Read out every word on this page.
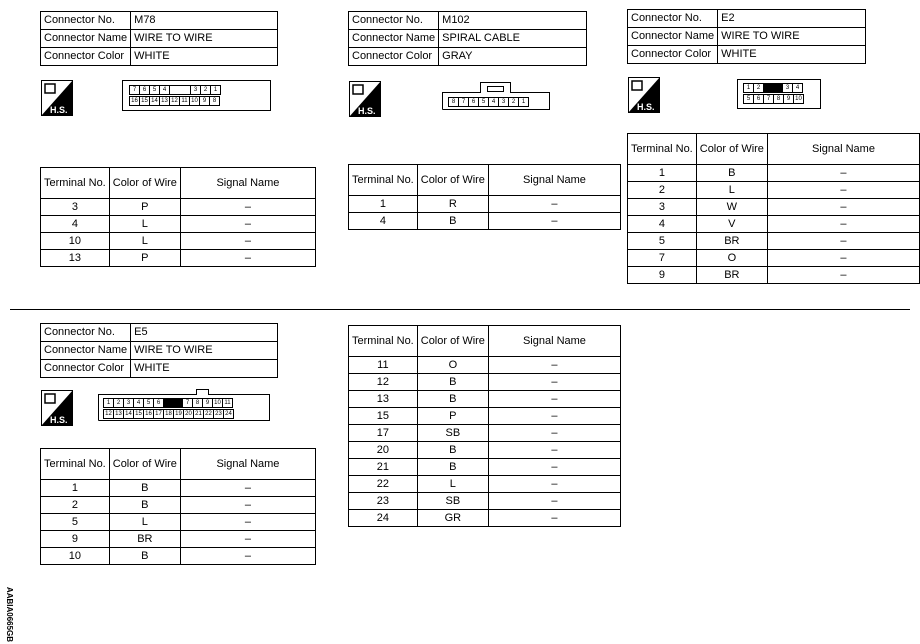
Connector No.	M78
Connector Name	WIRE TO WIRE
Connector Color	WHITE
H.S.
7	6	5	4	3	2	1
16 15 14 13 12 11 10 9	8
Terminal No.	Color of Wire	Signal Name
3	P	–
4	L	–
10	L	–
13	P	–
Connector No.	M102
Connector Name	SPIRAL CABLE
Connector Color	GRAY
H.S.
8	7	6	5	4	3	2	1
Terminal No.	Color of Wire	Signal Name
1	R	–
4	B	–
Connector No.	E2
Connector Name	WIRE TO WIRE
Connector Color	WHITE
H.S.
1	2	3	4
5	6	7	8	9 10
Terminal No.	Color of Wire	Signal Name
1	B	–
2	L	–
3	W	–
4	V	–
5	BR	–
7	O	–
9	BR	–
Connector No.	E5
Connector Name	WIRE TO WIRE
Connector Color	WHITE
H.S.
1	2	3	4	5	6	7	8	9 10 11
12 13 14 15 16 17 18 19 20 21 22 23 24
Terminal No.	Color of Wire	Signal Name
1	B	–
2	B	–
5	L	–
9	BR	–
10	B	–
Terminal No.	Color of Wire	Signal Name
11	O	–
12	B	–
13	B	–
15	P	–
17	SB	–
20	B	–
21	B	–
22	L	–
23	SB	–
24	GR	–
AABIA0665GB
